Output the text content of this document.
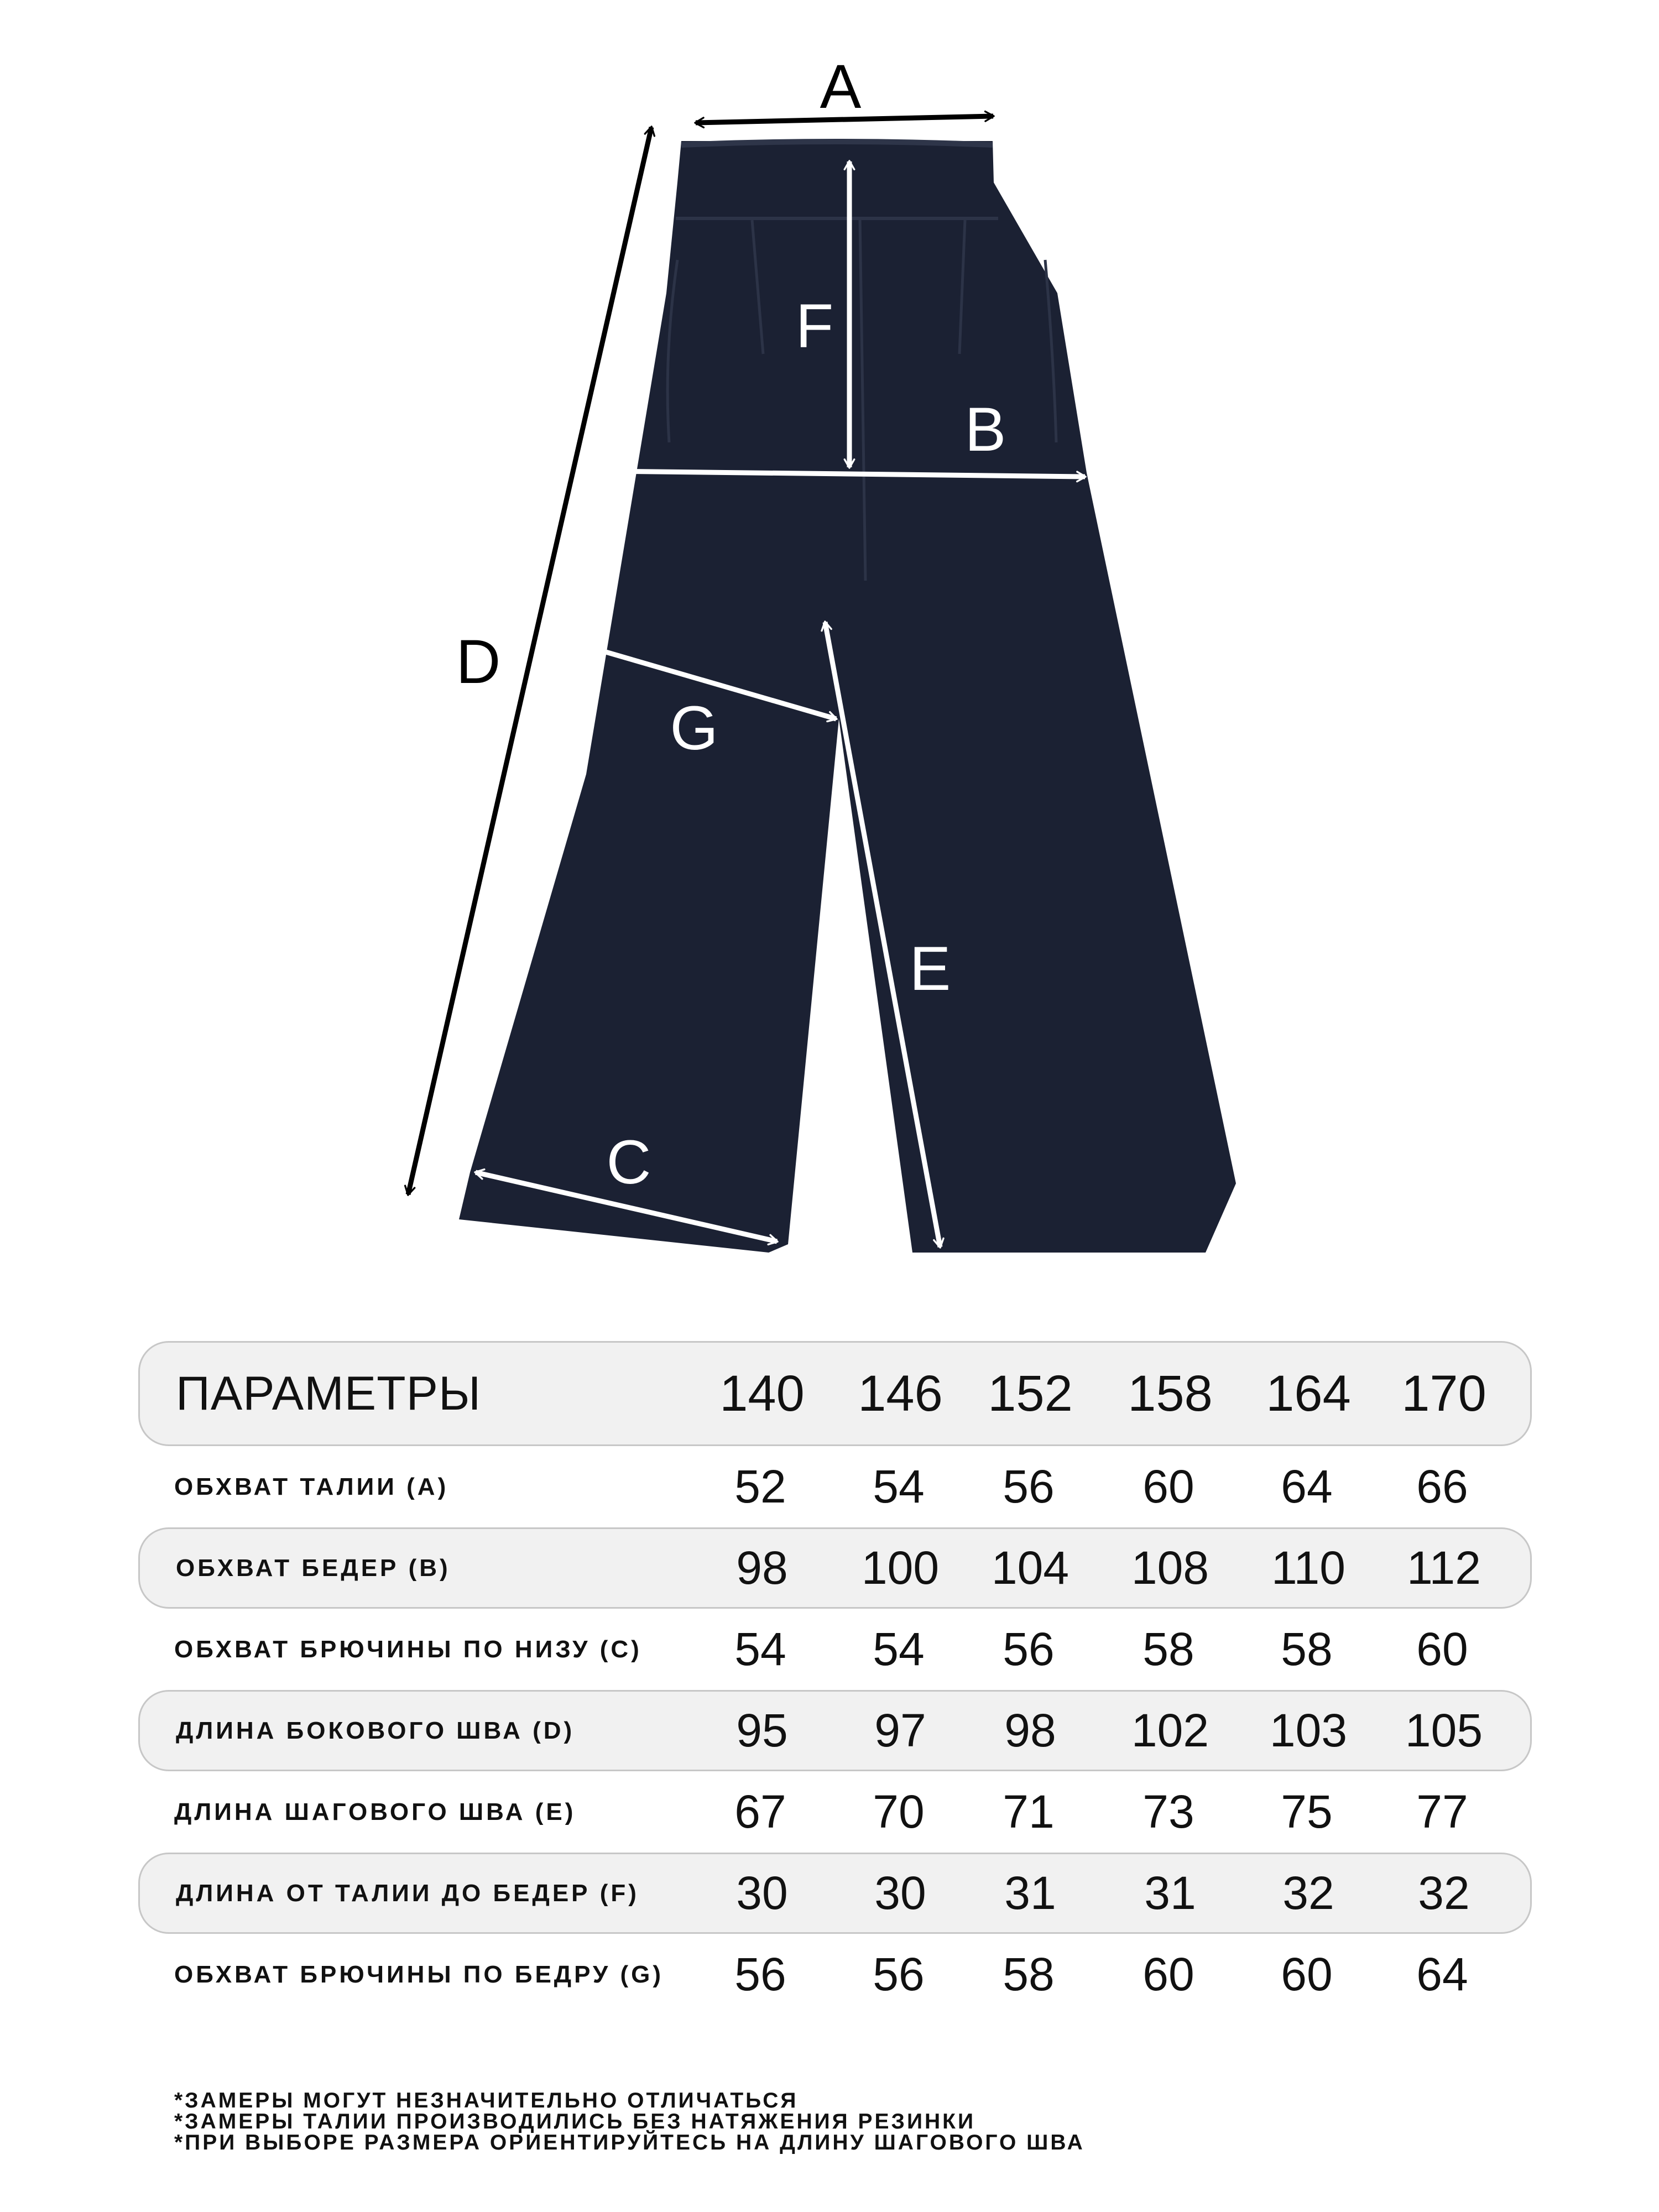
A
F
B
D
G
E
C
ПАРАМЕТРЫ	140 146 152 158 164 170
ОБХВАТ ТАЛИИ (A)	52	54	56	60	64	66
ОБХВАТ БЕДЕР (B)	98	100	104	108	110	112
ОБХВАТ БРЮЧИНЫ ПО НИЗУ (C)	54	54	56	58	58	60
ДЛИНА БОКОВОГО ШВА (D)	95	97	98	102	103	105
ДЛИНА ШАГОВОГО ШВА (E)	67	70	71	73	75	77
ДЛИНА ОТ ТАЛИИ ДО БЕДЕР (F)	30	30	31	31	32	32
ОБХВАТ БРЮЧИНЫ ПО БЕДРУ (G)	56	56	58	60	60	64
*ЗАМЕРЫ МОГУТ НЕЗНАЧИТЕЛЬНО ОТЛИЧАТЬСЯ
*ЗАМЕРЫ ТАЛИИ ПРОИЗВОДИЛИСЬ БЕЗ НАТЯЖЕНИЯ РЕЗИНКИ
*ПРИ ВЫБОРЕ РАЗМЕРА ОРИЕНТИРУЙТЕСЬ НА ДЛИНУ ШАГОВОГО ШВА
